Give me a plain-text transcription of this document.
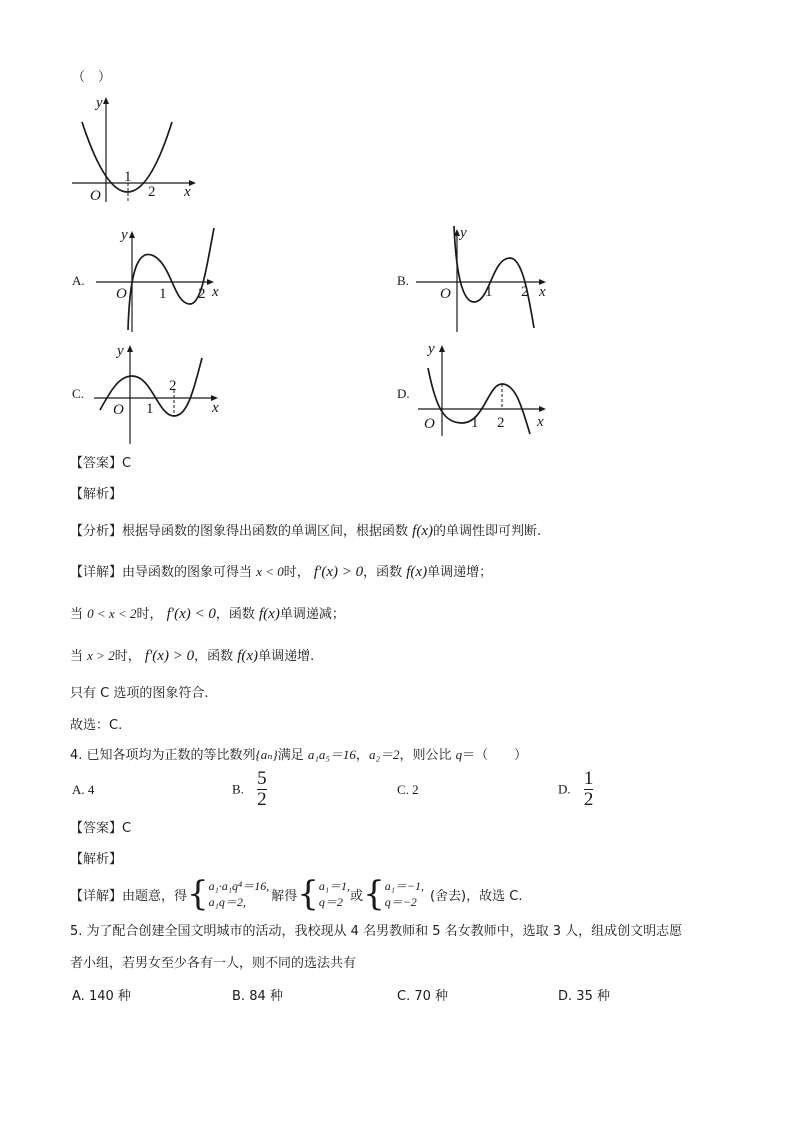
（　）
y
x
O
1
2
A.
y
x
O 1 2
B.
y
x
O 1 2
C.
y
x
O 1
2	D.
y
x
O 1 2
【答案】C
【解析】
【分析】根据导函数的图象得出函数的单调区间，根据函数 f(x)的单调性即可判断.
【详解】由导函数的图象可得当 x < 0时， f′(x) > 0，函数 f(x)单调递增；
当 0 < x < 2时， f′(x) < 0，函数 f(x)单调递减；
当 x > 2时， f′(x) > 0，函数 f(x)单调递增.
只有 C 选项的图象符合.
故选：C.
4. 已知各项均为正数的等比数列{aₙ}满足 a₁a₅＝16，a₂＝2，则公比 q＝（　　）
A. 4	B. $\frac{5}{2}$	C. 2	D. $\frac{1}{2}$
【答案】C
【解析】
【详解】 由题意，得 { a₁·a₁q⁴＝16,
a₁q＝2,	解得 { a₁＝1,
q＝2 或 { a₁＝−1,
q＝−2	(舍去)，故选 C.
5. 为了配合创建全国文明城市的活动，我校现从 4 名男教师和 5 名女教师中，选取 3 人，组成创文明志愿
者小组，若男女至少各有一人，则不同的选法共有
A. 140 种	B. 84 种	C. 70 种	D. 35 种
